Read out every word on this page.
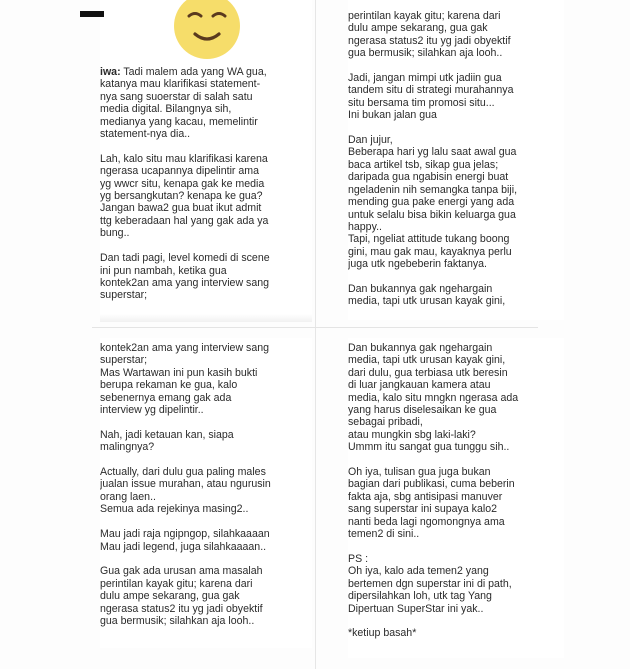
iwa: Tadi malem ada yang WA gua,
katanya mau klarifikasi statement-
nya sang suoerstar di salah satu
media digital. Bilangnya sih,
medianya yang kacau, memelintir
statement-nya dia..

Lah, kalo situ mau klarifikasi karena
ngerasa ucapannya dipelintir ama
yg wwcr situ, kenapa gak ke media
yg bersangkutan? kenapa ke gua?
Jangan bawa2 gua buat ikut admit
ttg keberadaan hal yang gak ada ya
bung..

Dan tadi pagi, level komedi di scene
ini pun nambah, ketika gua
kontek2an ama yang interview sang
superstar;

perintilan kayak gitu; karena dari
dulu ampe sekarang, gua gak
ngerasa status2 itu yg jadi obyektif
gua bermusik; silahkan aja looh..

Jadi, jangan mimpi utk jadiin gua
tandem situ di strategi murahannya
situ bersama tim promosi situ...
Ini bukan jalan gua

Dan jujur,
Beberapa hari yg lalu saat awal gua
baca artikel tsb, sikap gua jelas;
daripada gua ngabisin energi buat
ngeladenin nih semangka tanpa biji,
mending gua pake energi yang ada
untuk selalu bisa bikin keluarga gua
happy..
Tapi, ngeliat attitude tukang boong
gini, mau gak mau, kayaknya perlu
juga utk ngebeberin faktanya.

Dan bukannya gak ngehargain
media, tapi utk urusan kayak gini,

kontek2an ama yang interview sang
superstar;
Mas Wartawan ini pun kasih bukti
berupa rekaman ke gua, kalo
sebenernya emang gak ada
interview yg dipelintir..

Nah, jadi ketauan kan, siapa
malingnya?

Actually, dari dulu gua paling males
jualan issue murahan, atau ngurusin
orang laen..
Semua ada rejekinya masing2..

Mau jadi raja ngipngop, silahkaaaan
Mau jadi legend, juga silahkaaaan..

Gua gak ada urusan ama masalah
perintilan kayak gitu; karena dari
dulu ampe sekarang, gua gak
ngerasa status2 itu yg jadi obyektif
gua bermusik; silahkan aja looh..

Dan bukannya gak ngehargain
media, tapi utk urusan kayak gini,
dari dulu, gua terbiasa utk beresin
di luar jangkauan kamera atau
media, kalo situ mngkn ngerasa ada
yang harus diselesaikan ke gua
sebagai pribadi,
atau mungkin sbg laki-laki?
Ummm itu sangat gua tunggu sih..

Oh iya, tulisan gua juga bukan
bagian dari publikasi, cuma beberin
fakta aja, sbg antisipasi manuver
sang superstar ini supaya kalo2
nanti beda lagi ngomongnya ama
temen2 di sini..

PS :
Oh iya, kalo ada temen2 yang
bertemen dgn superstar ini di path,
dipersilahkan loh, utk tag Yang
Dipertuan SuperStar ini yak..

*ketiup basah*
